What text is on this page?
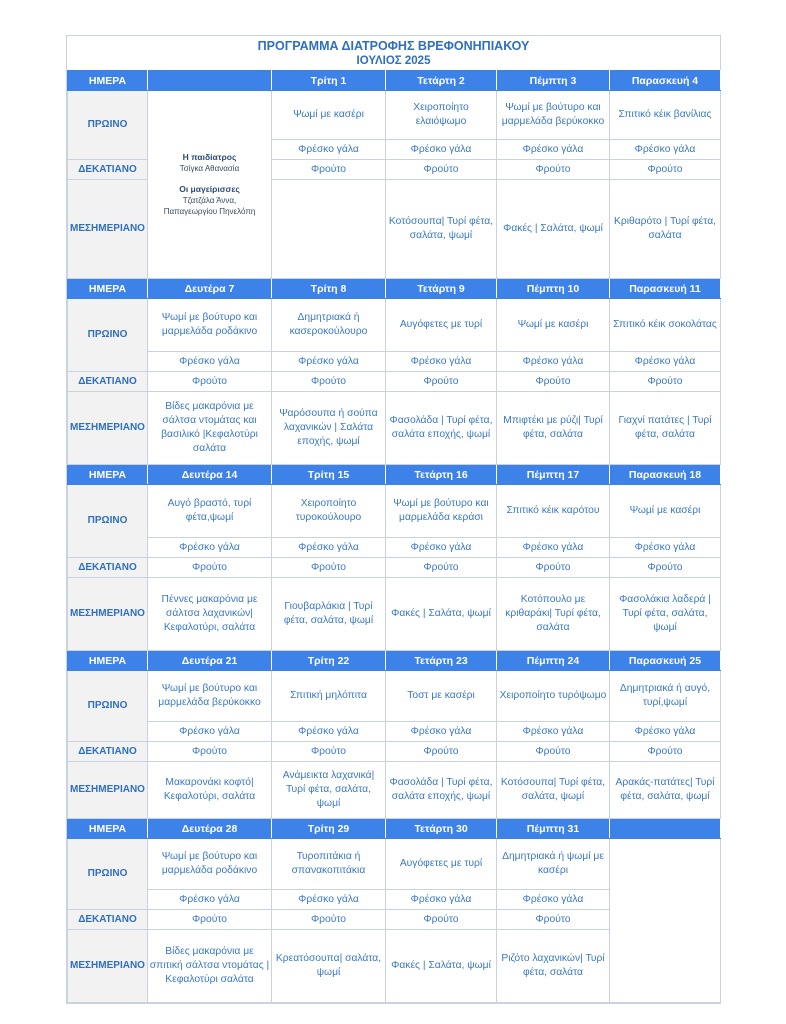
ΠΡΟΓΡΑΜΜΑ ΔΙΑΤΡΟΦΗΣ ΒΡΕΦΟΝΗΠΙΑΚΟΥ
ΙΟΥΛΙΟΣ 2025
ΗΜΕΡΑ		Τρίτη 1	Τετάρτη 2	Πέμπτη 3	Παρασκευή 4	
ΠΡΩΙΝΟ	Η παιδίατρος
Τσίγκα Αθανασία
Οι μαγείρισσες
Τζατζάλα Άννα,
Παπαγεωργίου Πηνελόπη	Ψωμί με κασέρι	Χειροποίητο ελαιόψωμο	Ψωμί με βούτυρο και μαρμελάδα βερύκοκκο	Σπιτικό κέικ βανίλιας	
		Φρέσκο γάλα	Φρέσκο γάλα	Φρέσκο γάλα	Φρέσκο γάλα	
ΔΕΚΑΤΙΑΝΟ		Φρούτο	Φρούτο	Φρούτο	Φρούτο	
ΜΕΣΗΜΕΡΙΑΝΟ			Κοτόσουπα| Τυρί φέτα, σαλάτα, ψωμί	Φακές | Σαλάτα, ψωμί	Κριθαρότο | Τυρί φέτα, σαλάτα	
ΗΜΕΡΑ	Δευτέρα 7	Τρίτη 8	Τετάρτη 9	Πέμπτη 10	Παρασκευή 11	
ΠΡΩΙΝΟ	Ψωμί με βούτυρο και μαρμελάδα ροδάκινο	Δημητριακά ή κασεροκούλουρο	Αυγόφετες με τυρί	Ψωμί με κασέρι	Σπιτικό κέικ σοκολάτας	
	Φρέσκο γάλα	Φρέσκο γάλα	Φρέσκο γάλα	Φρέσκο γάλα	Φρέσκο γάλα	
ΔΕΚΑΤΙΑΝΟ	Φρούτο	Φρούτο	Φρούτο	Φρούτο	Φρούτο	
ΜΕΣΗΜΕΡΙΑΝΟ	Βίδες μακαρόνια με σάλτσα ντομάτας και βασιλικό |Κεφαλοτύρι σαλάτα	Ψαρόσουπα ή σούπα λαχανικών | Σαλάτα εποχής, ψωμί	Φασολάδα | Τυρί φέτα, σαλάτα εποχής, ψωμί	Μπιφτέκι με ρύζι| Τυρί φέτα, σαλάτα	Γιαχνί πατάτες | Τυρί φέτα, σαλάτα	
ΗΜΕΡΑ	Δευτέρα 14	Τρίτη 15	Τετάρτη 16	Πέμπτη 17	Παρασκευή 18	
ΠΡΩΙΝΟ	Αυγό βραστό, τυρί φέτα,ψωμί	Χειροποίητο τυροκούλουρο	Ψωμί με βούτυρο και μαρμελάδα κεράσι	Σπιτικό κέικ καρότου	Ψωμί με κασέρι	
	Φρέσκο γάλα	Φρέσκο γάλα	Φρέσκο γάλα	Φρέσκο γάλα	Φρέσκο γάλα	
ΔΕΚΑΤΙΑΝΟ	Φρούτο	Φρούτο	Φρούτο	Φρούτο	Φρούτο	
ΜΕΣΗΜΕΡΙΑΝΟ	Πέννες μακαρόνια με σάλτσα λαχανικών| Κεφαλοτύρι, σαλάτα	Γιουβαρλάκια | Τυρί φέτα, σαλάτα, ψωμί	Φακές | Σαλάτα, ψωμί	Κοτόπουλο με κριθαράκι| Τυρί φέτα, σαλάτα	Φασολάκια λαδερά | Τυρί φέτα, σαλάτα, ψωμί	
ΗΜΕΡΑ	Δευτέρα 21	Τρίτη 22	Τετάρτη 23	Πέμπτη 24	Παρασκευή 25	
ΠΡΩΙΝΟ	Ψωμί με βούτυρο και μαρμελάδα βερύκοκκο	Σπιτική μηλόπιτα	Τοστ με κασέρι	Χειροποίητο τυρόψωμο	Δημητριακά ή αυγό, τυρί,ψωμί	
	Φρέσκο γάλα	Φρέσκο γάλα	Φρέσκο γάλα	Φρέσκο γάλα	Φρέσκο γάλα	
ΔΕΚΑΤΙΑΝΟ	Φρούτο	Φρούτο	Φρούτο	Φρούτο	Φρούτο	
ΜΕΣΗΜΕΡΙΑΝΟ	Μακαρονάκι κοφτό| Κεφαλοτύρι, σαλάτα	Ανάμεικτα λαχανικά| Τυρί φέτα, σαλάτα, ψωμί	Φασολάδα | Τυρί φέτα, σαλάτα εποχής, ψωμί	Κοτόσουπα| Τυρί φέτα, σαλάτα, ψωμί	Αρακάς-πατάτες| Τυρί φέτα, σαλάτα, ψωμί	
ΗΜΕΡΑ	Δευτέρα 28	Τρίτη 29	Τετάρτη 30	Πέμπτη 31		
ΠΡΩΙΝΟ	Ψωμί με βούτυρο και μαρμελάδα ροδάκινο	Τυροπιτάκια ή σπανακοπιτάκια	Αυγόφετες με τυρί	Δημητριακά ή ψωμί με κασέρι		
	Φρέσκο γάλα	Φρέσκο γάλα	Φρέσκο γάλα	Φρέσκο γάλα		
ΔΕΚΑΤΙΑΝΟ	Φρούτο	Φρούτο	Φρούτο	Φρούτο		
ΜΕΣΗΜΕΡΙΑΝΟ	Βίδες μακαρόνια με σπιτική σάλτσα ντομάτας |Κεφαλοτύρι σαλάτα	Κρεατόσουπα| σαλάτα, ψωμί	Φακές | Σαλάτα, ψωμί	Ριζότο λαχανικών| Τυρί φέτα, σαλάτα		
